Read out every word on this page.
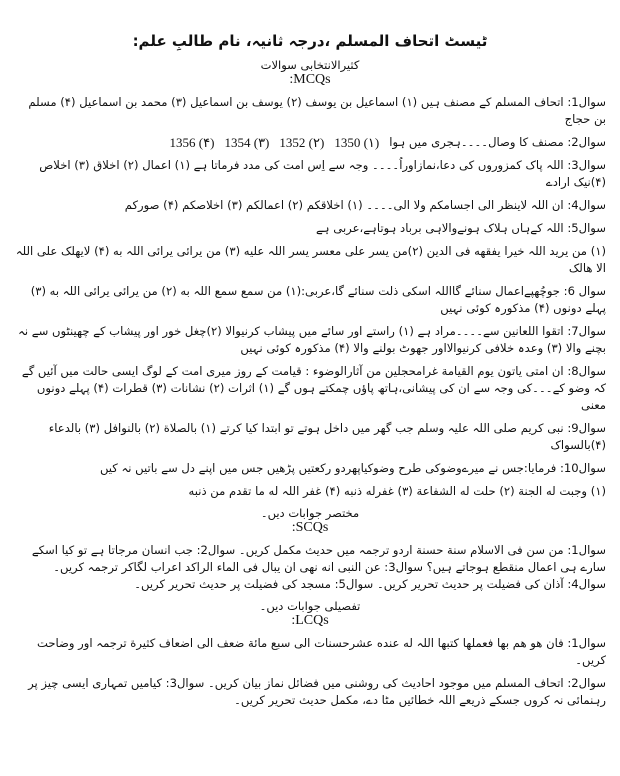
ٹیسٹ اتحاف المسلم ،درجہ ثانیہ، نام طالبِ علم:
کثیرالانتخابی سوالات
MCQs:
سوال1: اتحاف المسلم کے مصنف ہیں (۱) اسماعیل بن یوسف (۲) یوسف بن اسماعیل (۳) محمد بن اسماعیل (۴) مسلم بن حجاج
سوال2: مصنف کا وصال۔۔۔۔ہجری میں ہوا
(۱) 1350
(۲) 1352
(۳) 1354
(۴) 1356
سوال3: اللہ پاک کمزوروں کی دعا،نمازاوراُ۔۔۔۔ وجہ سے اِس امت کی مدد فرماتا ہے (۱) اعمال (۲) اخلاق (۳) اخلاص (۴)نیک ارادے
سوال4: ان اللہ لاینظر الی اجسامکم ولا الی۔۔۔۔ (۱) اخلاقکم (۲) اعمالکم (۳) اخلاصکم (۴) صورکم
سوال5: اللہ کےہاں ہلاک ہونےوالاہی برباد ہوتاہے،عربی ہے
(۱) من یرید اللہ خیرا یفقهه فی الدین (۲)من یسر علی معسر یسر اللہ علیه (۳) من یرائی یرائی اللہ به (۴) لایهلک علی اللہ الا هالک
سوال 6: جوچُھپےاعمال سنائے گااللہ اسکی ذلت سنائے گا،عربی:(۱) من سمع سمع اللہ به (۲) من یرائی یرائی اللہ به (۳) پہلے دونوں (۴) مذکورہ کوئی نہیں
سوال7: اتقوا اللعانین سے۔۔۔۔مراد ہے (۱) راستے اور سائے میں پیشاب کرنیوالا (۲)چغل خور اور پیشاب کے چھینٹوں سے نہ بچنے والا (۳) وعدہ خلافی کرنیوالااور جھوٹ بولنے والا (۴) مذکورہ کوئی نہیں
سوال8: ان امتی یاتون یوم القیامة غرامحجلین من آثارالوضوء : قیامت کے روز میری امت کے لوگ ایسی حالت میں آئیں گے کہ وضو کے۔۔۔کی وجہ سے ان کی پیشانی،ہاتھ پاؤں چمکتے ہوں گے (۱) اثرات (۲) نشانات (۳) قطرات (۴) پہلے دونوں معنی
سوال9: نبی کریم صلی اللہ علیہ وسلم جب گھر میں داخل ہوتے تو ابتدا کیا کرتے (۱) بالصلاة (۲) بالنوافل (۳) بالدعاء (۴)بالسواک
سوال10: فرمایا:جس نے میرےوضوکی طرح وضوکیاپھردو رکعتیں پڑھیں جس میں اپنے دل سے باتیں نہ کیں
(۱) وجبت له الجنة (۲) حلت له الشفاعة (۳) غفرله ذنبه (۴) غفر اللہ له ما تقدم من ذنبه
مختصر جوابات دیں۔
SCQs:
سوال1: من سن فی الاسلام سنة حسنة اردو ترجمہ میں حدیث مکمل کریں۔ سوال2: جب انسان مرجاتا ہے تو کیا اسکے سارے ہی اعمال منقطع ہوجاتے ہیں؟ سوال3: عن النبی انه نهی ان یبال فی الماء الراکد اعراب لگاکر ترجمہ کریں۔ سوال4: آذان کی فضیلت پر حدیث تحریر کریں۔ سوال5: مسجد کی فضیلت پر حدیث تحریر کریں۔
تفصیلی جوابات دیں۔
LCQs:
سوال1: فان هو هم بها فعملها کتبها اللہ له عنده عشرحسنات الی سبع مائة ضعف الی اضعاف کثیرة ترجمہ اور وضاحت کریں۔
سوال2: اتحاف المسلم میں موجود احادیث کی روشنی میں فضائل نماز بیان کریں۔ سوال3: کیامیں تمہاری ایسی چیز پر رہنمائی نہ کروں جسکے ذریعے اللہ خطائیں مٹا دے، مکمل حدیث تحریر کریں۔
